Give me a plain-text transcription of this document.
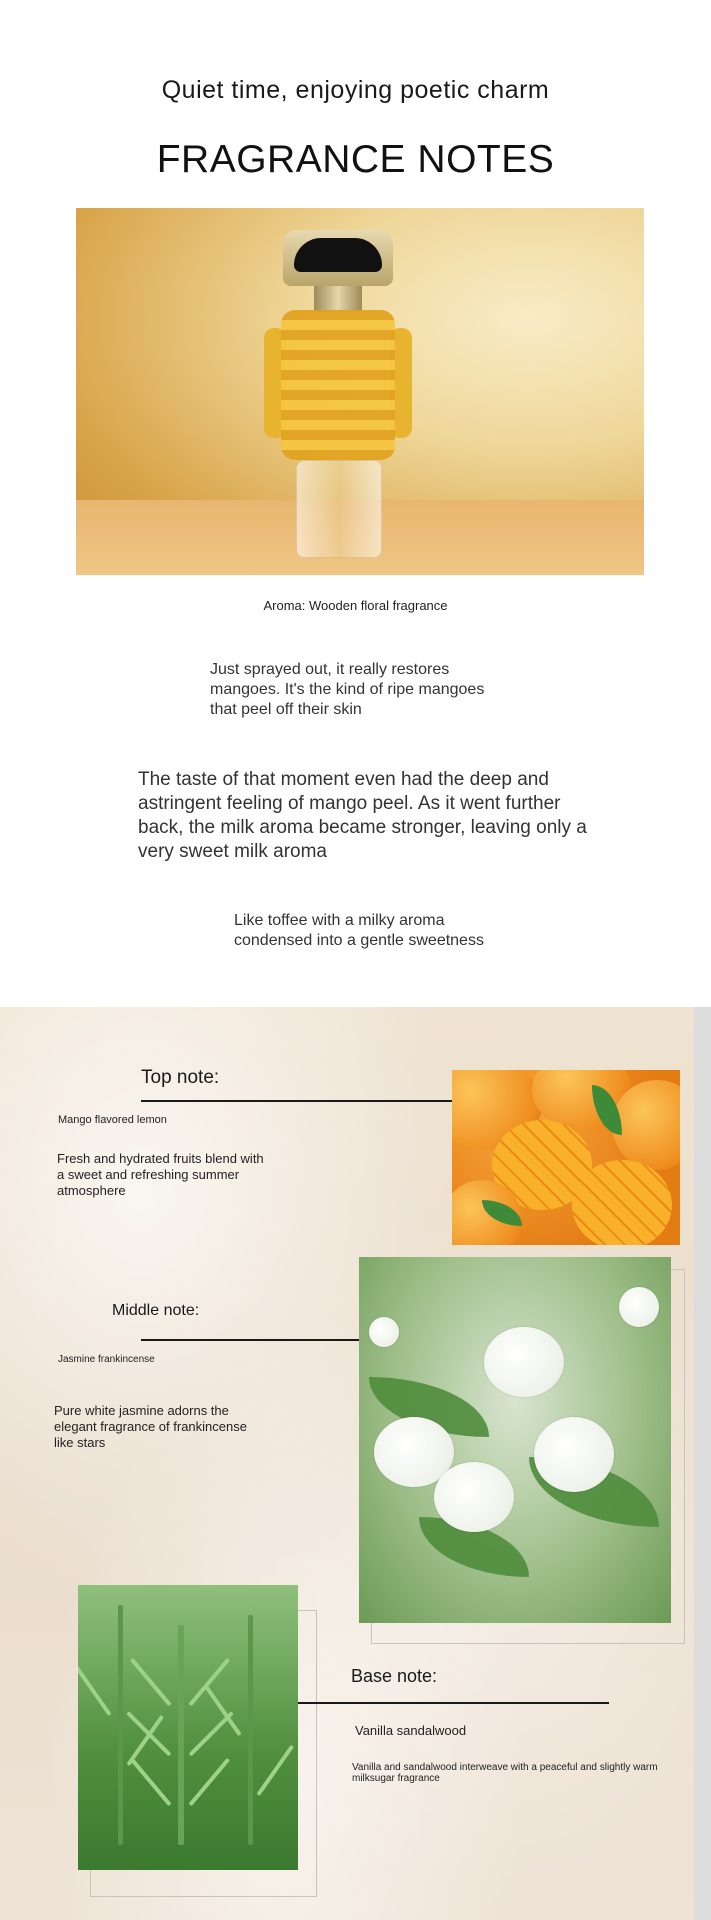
Quiet time, enjoying poetic charm
FRAGRANCE NOTES
Aroma: Wooden floral fragrance
Just sprayed out, it really restores mangoes. It's the kind of ripe mangoes that peel off their skin
The taste of that moment even had the deep and astringent feeling of mango peel. As it went further back, the milk aroma became stronger, leaving only a very sweet milk aroma
Like toffee with a milky aroma condensed into a gentle sweetness
Top note:
Mango flavored lemon
Fresh and hydrated fruits blend with a sweet and refreshing summer atmosphere
Middle note:
Jasmine frankincense
Pure white jasmine adorns the elegant fragrance of frankincense like stars
Base note:
Vanilla sandalwood
Vanilla and sandalwood interweave with a peaceful and slightly warm milksugar fragrance
